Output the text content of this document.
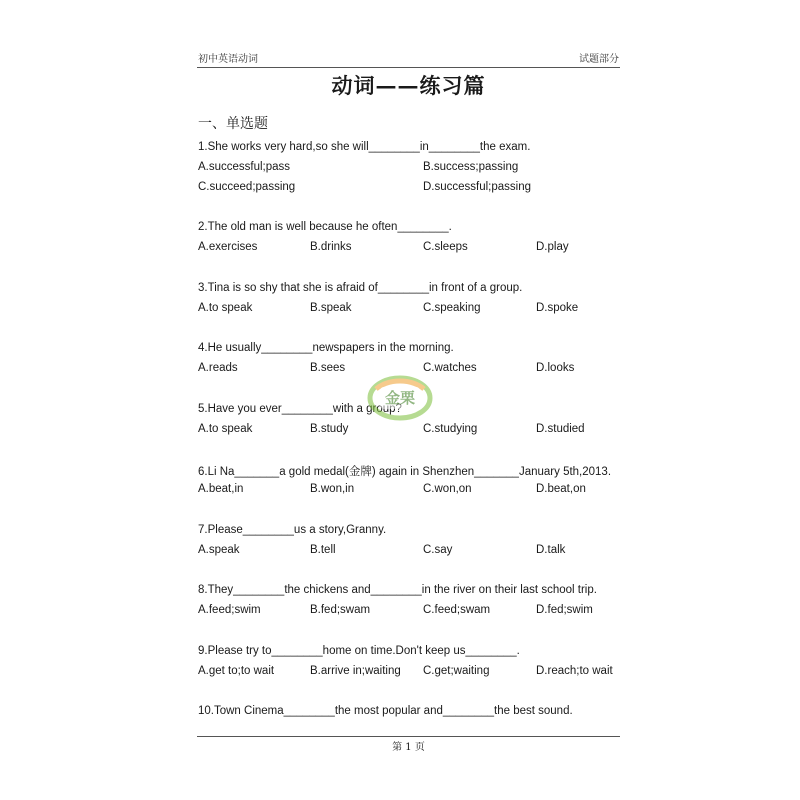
初中英语动词	试题部分
动词——练习篇
一、单选题
1.She works very hard,so she will________in________the exam.
A.successful;pass	B.success;passing
C.succeed;passing	D.successful;passing
2.The old man is well because he often________.
A.exercises	B.drinks	C.sleeps	D.play
3.Tina is so shy that she is afraid of________in front of a group.
A.to speak	B.speak	C.speaking	D.spoke
4.He usually________newspapers in the morning.
A.reads	B.sees	C.watches	D.looks
5.Have you ever________with a group?
A.to speak	B.study	C.studying	D.studied
6.Li Na_______a gold medal(金牌) again in Shenzhen_______January 5th,2013.
A.beat,in	B.won,in	C.won,on	D.beat,on
7.Please________us a story,Granny.
A.speak	B.tell	C.say	D.talk
8.They________the chickens and________in the river on their last school trip.
A.feed;swim	B.fed;swam	C.feed;swam	D.fed;swim
9.Please try to________home on time.Don't keep us________.
A.get to;to wait	B.arrive in;waiting C.get;waiting	D.reach;to wait
10.Town Cinema________the most popular and________the best sound.
第 1 页
金栗
